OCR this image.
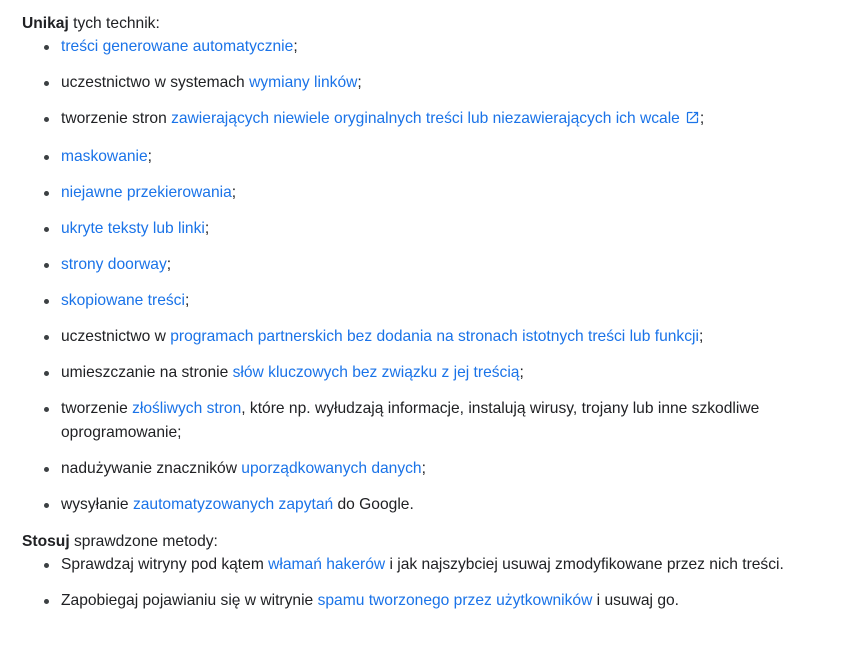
Unikaj tych technik:

treści generowane automatycznie;
uczestnictwo w systemach wymiany linków;
tworzenie stron zawierających niewiele oryginalnych treści lub niezawierających ich wcale ;
maskowanie;
niejawne przekierowania;
ukryte teksty lub linki;
strony doorway;
skopiowane treści;
uczestnictwo w programach partnerskich bez dodania na stronach istotnych treści lub funkcji;
umieszczanie na stronie słów kluczowych bez związku z jej treścią;
tworzenie złośliwych stron, które np. wyłudzają informacje, instalują wirusy, trojany lub inne szkodliwe oprogramowanie;
nadużywanie znaczników uporządkowanych danych;
wysyłanie zautomatyzowanych zapytań do Google.

Stosuj sprawdzone metody:

Sprawdzaj witryny pod kątem włamań hakerów i jak najszybciej usuwaj zmodyfikowane przez nich treści.
Zapobiegaj pojawianiu się w witrynie spamu tworzonego przez użytkowników i usuwaj go.
